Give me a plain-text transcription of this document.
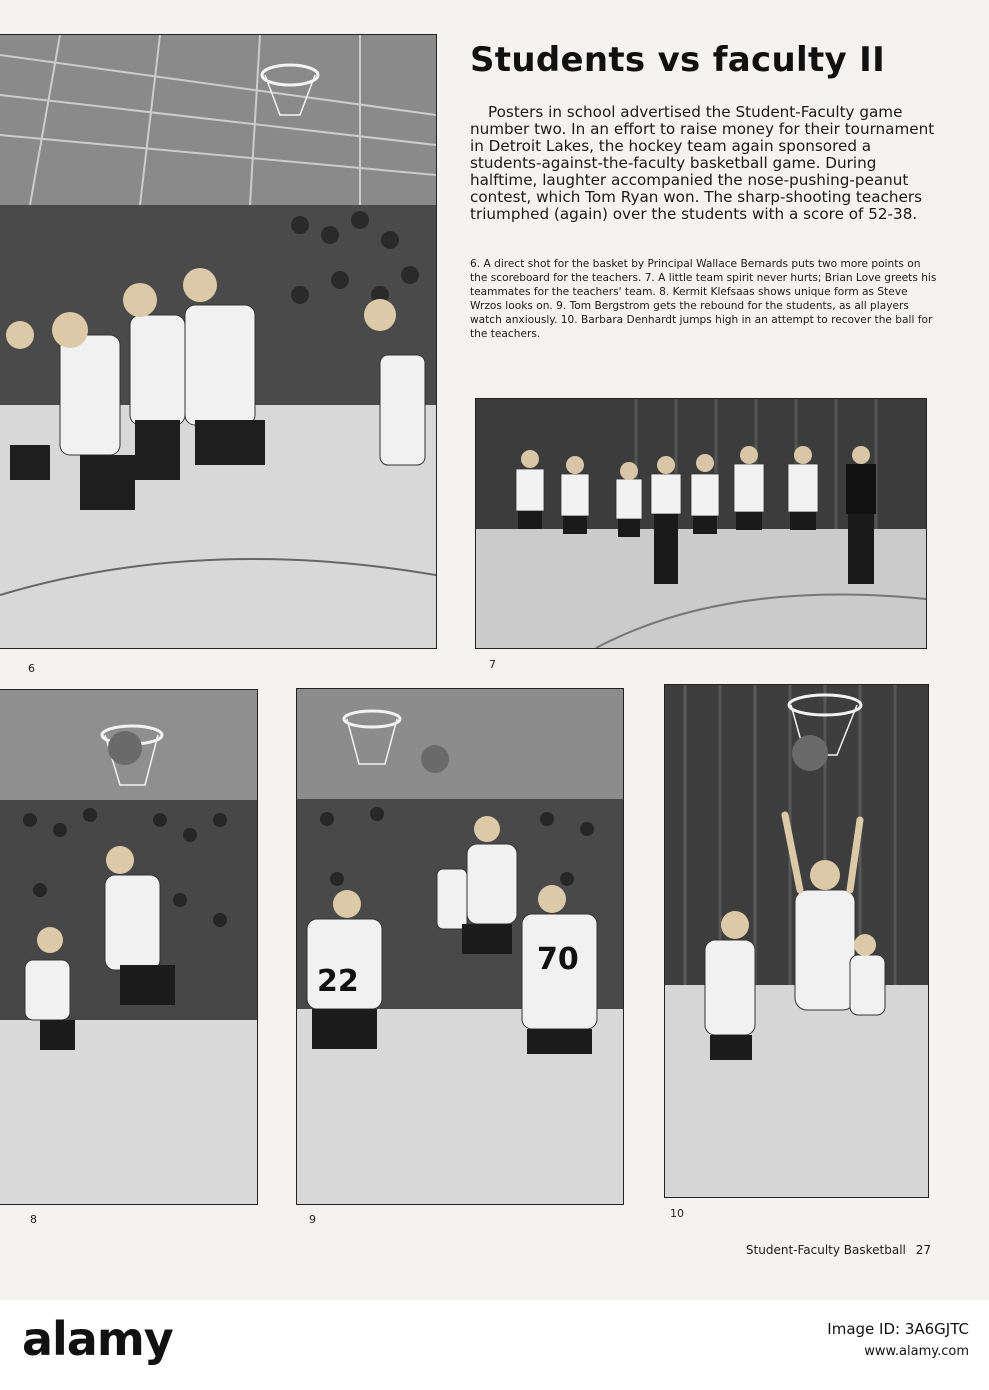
6
Students vs faculty II

Posters in school advertised the Student-Faculty game number two. In an effort to raise money for their tournament in Detroit Lakes, the hockey team again sponsored a students-against-the-faculty basketball game. During halftime, laughter accompanied the nose-pushing-peanut contest, which Tom Ryan won. The sharp-shooting teachers triumphed (again) over the students with a score of 52-38.

6. A direct shot for the basket by Principal Wallace Bernards puts two more points on the scoreboard for the teachers. 7. A little team spirit never hurts; Brian Love greets his teammates for the teachers' team. 8. Kermit Klefsaas shows unique form as Steve Wrzos looks on. 9. Tom Bergstrom gets the rebound for the students, as all players watch anxiously. 10. Barbara Denhardt jumps high in an attempt to recover the ball for the teachers.

7
8
22
70
9	10
Student-Faculty Basketball 27
alamy	Image ID: 3A6GJTC
www.alamy.com
